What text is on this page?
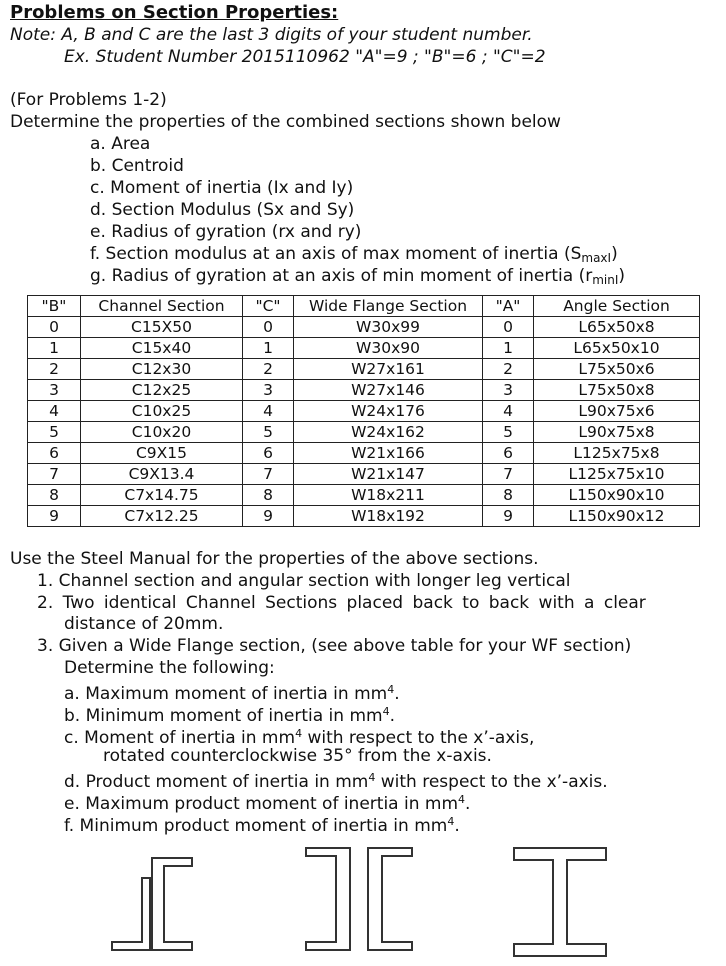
Problems on Section Properties:
Note: A, B and C are the last 3 digits of your student number.
Ex. Student Number 2015110962 "A"=9 ; "B"=6 ; "C"=2
(For Problems 1-2)
Determine the properties of the combined sections shown below
a. Area
b. Centroid
c. Moment of inertia (Ix and Iy)
d. Section Modulus (Sx and Sy)
e. Radius of gyration (rx and ry)
f. Section modulus at an axis of max moment of inertia $(S_{maxI})$
g. Radius of gyration at an axis of min moment of inertia $(r_{minI})$
"B"	Channel Section	"C"	Wide Flange Section	"A"	Angle Section
0	C15X50	0	W30x99	0	L65x50x8
1	C15x40	1	W30x90	1	L65x50x10
2	C12x30	2	W27x161	2	L75x50x6
3	C12x25	3	W27x146	3	L75x50x8
4	C10x25	4	W24x176	4	L90x75x6
5	C10x20	5	W24x162	5	L90x75x8
6	C9X15	6	W21x166	6	L125x75x8
7	C9X13.4	7	W21x147	7	L125x75x10
8	C7x14.75	8	W18x211	8	L150x90x10
9	C7x12.25	9	W18x192	9	L150x90x12
Use the Steel Manual for the properties of the above sections.
1. Channel section and angular section with longer leg vertical
2. Two identical Channel Sections placed back to back with a clear
distance of 20mm.
3. Given a Wide Flange section, (see above table for your WF section)
Determine the following:
a. Maximum moment of inertia in $mm^4$.
b. Minimum moment of inertia in $mm^4$.
c. Moment of inertia in $mm^4$ with respect to the x’-axis,
rotated counterclockwise 35° from the x-axis.
d. Product moment of inertia in $mm^4$ with respect to the x’-axis.
e. Maximum product moment of inertia in $mm^4$.
f. Minimum product moment of inertia in $mm^4$.
